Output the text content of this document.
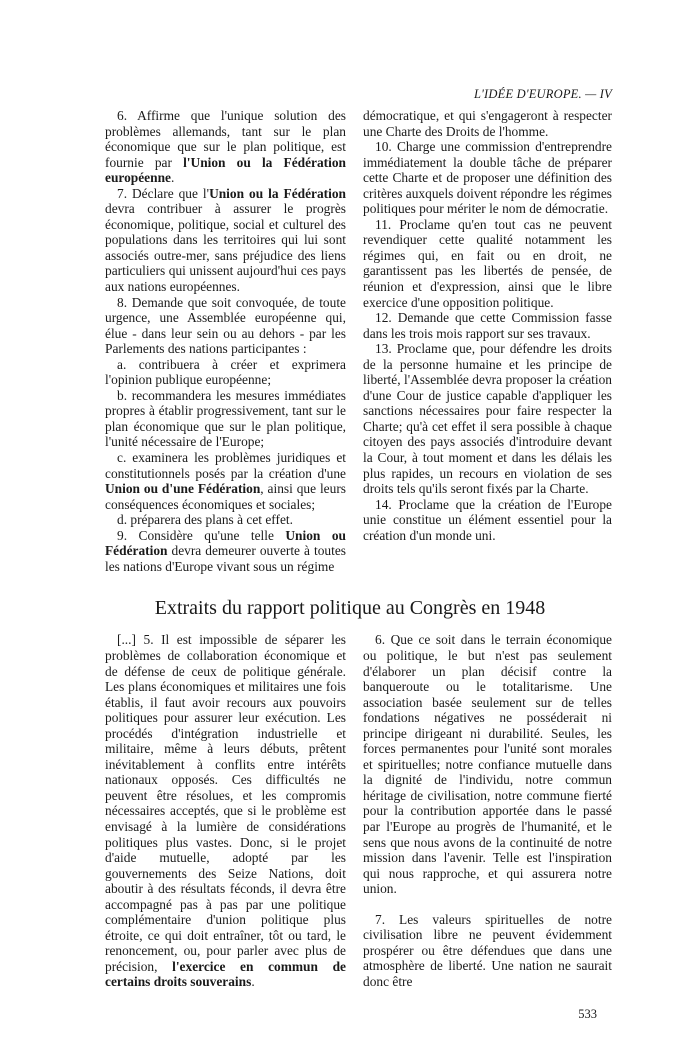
L'IDÉE D'EUROPE. — IV

6. Affirme que l'unique solution des problèmes allemands, tant sur le plan économique que sur le plan politique, est fournie par l'Union ou la Fédération européenne.

7. Déclare que l'Union ou la Fédération devra contribuer à assurer le progrès économique, politique, social et culturel des populations dans les territoires qui lui sont associés outre-mer, sans préjudice des liens particuliers qui unissent aujourd'hui ces pays aux nations européennes.

8. Demande que soit convoquée, de toute urgence, une Assemblée européenne qui, élue - dans leur sein ou au dehors - par les Parlements des nations participantes :

a. contribuera à créer et exprimera l'opinion publique européenne;

b. recommandera les mesures immédiates propres à établir progressivement, tant sur le plan économique que sur le plan politique, l'unité nécessaire de l'Europe;

c. examinera les problèmes juridiques et constitutionnels posés par la création d'une Union ou d'une Fédération, ainsi que leurs conséquences économiques et sociales;

d. préparera des plans à cet effet.

9. Considère qu'une telle Union ou Fédération devra demeurer ouverte à toutes les nations d'Europe vivant sous un régime

démocratique, et qui s'engageront à respecter une Charte des Droits de l'homme.

10. Charge une commission d'entreprendre immédiatement la double tâche de préparer cette Charte et de proposer une définition des critères auxquels doivent répondre les régimes politiques pour mériter le nom de démocratie.

11. Proclame qu'en tout cas ne peuvent revendiquer cette qualité notamment les régimes qui, en fait ou en droit, ne garantissent pas les libertés de pensée, de réunion et d'expression, ainsi que le libre exercice d'une opposition politique.

12. Demande que cette Commission fasse dans les trois mois rapport sur ses travaux.

13. Proclame que, pour défendre les droits de la personne humaine et les principe de liberté, l'Assemblée devra proposer la création d'une Cour de justice capable d'appliquer les sanctions nécessaires pour faire respecter la Charte; qu'à cet effet il sera possible à chaque citoyen des pays associés d'introduire devant la Cour, à tout moment et dans les délais les plus rapides, un recours en violation de ses droits tels qu'ils seront fixés par la Charte.

14. Proclame que la création de l'Europe unie constitue un élément essentiel pour la création d'un monde uni.

Extraits du rapport politique au Congrès en 1948

[...] 5. Il est impossible de séparer les problèmes de collaboration économique et de défense de ceux de politique générale. Les plans économiques et militaires une fois établis, il faut avoir recours aux pouvoirs politiques pour assurer leur exécution. Les procédés d'intégration industrielle et militaire, même à leurs débuts, prêtent inévitablement à conflits entre intérêts nationaux opposés. Ces difficultés ne peuvent être résolues, et les compromis nécessaires acceptés, que si le problème est envisagé à la lumière de considérations politiques plus vastes. Donc, si le projet d'aide mutuelle, adopté par les gouvernements des Seize Nations, doit aboutir à des résultats féconds, il devra être accompagné pas à pas par une politique complémentaire d'union politique plus étroite, ce qui doit entraîner, tôt ou tard, le renoncement, ou, pour parler avec plus de précision, l'exercice en commun de certains droits souverains.

6. Que ce soit dans le terrain économique ou politique, le but n'est pas seulement d'élaborer un plan décisif contre la banqueroute ou le totalitarisme. Une association basée seulement sur de telles fondations négatives ne posséderait ni principe dirigeant ni durabilité. Seules, les forces permanentes pour l'unité sont morales et spirituelles; notre confiance mutuelle dans la dignité de l'individu, notre commun héritage de civilisation, notre commune fierté pour la contribution apportée dans le passé par l'Europe au progrès de l'humanité, et le sens que nous avons de la continuité de notre mission dans l'avenir. Telle est l'inspiration qui nous rapproche, et qui assurera notre union.

7. Les valeurs spirituelles de notre civilisation libre ne peuvent évidemment prospérer ou être défendues que dans une atmosphère de liberté. Une nation ne saurait donc être

533
